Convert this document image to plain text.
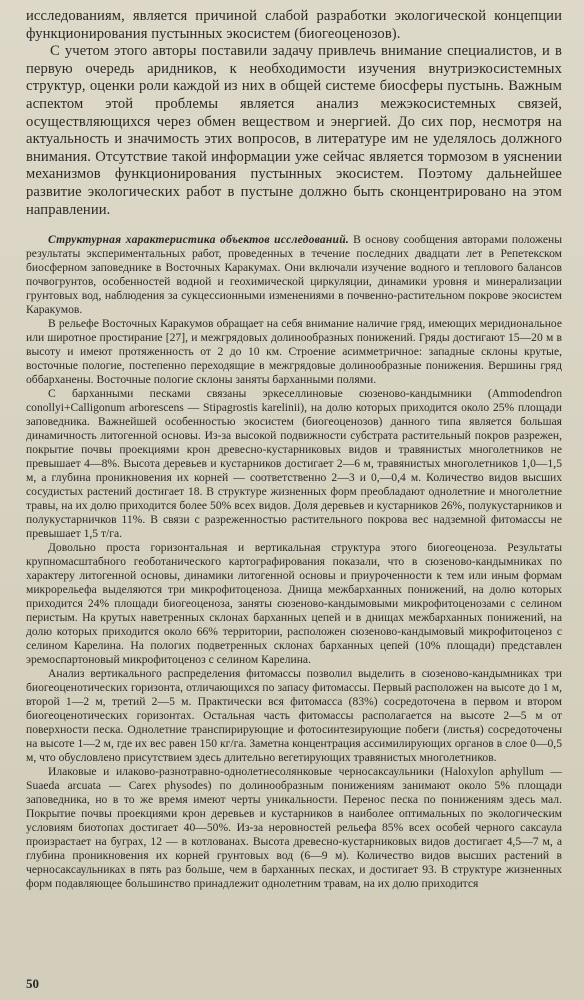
исследованиям, является причиной слабой разработки экологической концепции функционирования пустынных экосистем (биогеоценозов).

С учетом этого авторы поставили задачу привлечь внимание специалистов, и в первую очередь аридников, к необходимости изучения внутриэкосистемных структур, оценки роли каждой из них в общей системе биосферы пустынь. Важным аспектом этой проблемы является анализ межэкосистемных связей, осуществляющихся через обмен веществом и энергией. До сих пор, несмотря на актуальность и значимость этих вопросов, в литературе им не уделялось должного внимания. Отсутствие такой информации уже сейчас является тормозом в уяснении механизмов функционирования пустынных экосистем. Поэтому дальнейшее развитие экологических работ в пустыне должно быть сконцентрировано на этом направлении.

Структурная характеристика объектов исследований. В основу сообщения авторами положены результаты экспериментальных работ, проведенных в течение последних двадцати лет в Репетекском биосферном заповеднике в Восточных Каракумах. Они включали изучение водного и теплового балансов почвогрунтов, особенностей водной и геохимической циркуляции, динамики уровня и минерализации грунтовых вод, наблюдения за сукцессионными изменениями в почвенно-растительном покрове экосистем Каракумов.

В рельефе Восточных Каракумов обращает на себя внимание наличие гряд, имеющих меридиональное или широтное простирание [27], и межгрядовых долинообразных понижений. Гряды достигают 15—20 м в высоту и имеют протяженность от 2 до 10 км. Строение асимметричное: западные склоны крутые, восточные пологие, постепенно переходящие в межгрядовые долинообразные понижения. Вершины гряд оббарханены. Восточные пологие склоны заняты барханными полями.

С барханными песками связаны эркеселлиновые сюзеново-кандымники (Ammodendron conollyi+Calligonum arborescens — Stipagrostis karelinii), на долю которых приходится около 25% площади заповедника. Важнейшей особенностью экосистем (биогеоценозов) данного типа является большая динамичность литогенной основы. Из-за высокой подвижности субстрата растительный покров разрежен, покрытие почвы проекциями крон древесно-кустарниковых видов и травянистых многолетников не превышает 4—8%. Высота деревьев и кустарников достигает 2—6 м, травянистых многолетников 1,0—1,5 м, а глубина проникновения их корней — соответственно 2—3 и 0,—0,4 м. Количество видов высших сосудистых растений достигает 18. В структуре жизненных форм преобладают однолетние и многолетние травы, на их долю приходится более 50% всех видов. Доля деревьев и кустарников 26%, полукустарников и полукустарничков 11%. В связи с разреженностью растительного покрова вес надземной фитомассы не превышает 1,5 т/га.

Довольно проста горизонтальная и вертикальная структура этого биогеоценоза. Результаты крупномасштабного геоботанического картографирования показали, что в сюзеново-кандымниках по характеру литогенной основы, динамики литогенной основы и приуроченности к тем или иным формам микрорельефа выделяются три микрофитоценоза. Днища межбарханных понижений, на долю которых приходится 24% площади биогеоценоза, заняты сюзеново-кандымовыми микрофитоценозами с селином перистым. На крутых наветренных склонах барханных цепей и в днищах межбарханных понижений, на долю которых приходится около 66% территории, расположен сюзеново-кандымовый микрофитоценоз с селином Карелина. На пологих подветренных склонах барханных цепей (10% площади) представлен эремоспартоновый микрофитоценоз с селином Карелина.

Анализ вертикального распределения фитомассы позволил выделить в сюзеново-кандымниках три биогеоценотических горизонта, отличающихся по запасу фитомассы. Первый расположен на высоте до 1 м, второй 1—2 м, третий 2—5 м. Практически вся фитомасса (83%) сосредоточена в первом и втором биогеоценотических горизонтах. Остальная часть фитомассы располагается на высоте 2—5 м от поверхности песка. Однолетние транспирирующие и фотосинтезирующие побеги (листья) сосредоточены на высоте 1—2 м, где их вес равен 150 кг/га. Заметна концентрация ассимилирующих органов в слое 0—0,5 м, что обусловлено присутствием здесь длительно вегетирующих травянистых многолетников.

Илаковые и илаково-разнотравно-однолетнесолянковые черносаксаульники (Haloxylon aphyllum — Suaeda arcuata — Carex physodes) по долинообразным понижениям занимают около 5% площади заповедника, но в то же время имеют черты уникальности. Перенос песка по понижениям здесь мал. Покрытие почвы проекциями крон деревьев и кустарников в наиболее оптимальных по экологическим условиям биотопах достигает 40—50%. Из-за неровностей рельефа 85% всех особей черного саксаула произрастает на буграх, 12 — в котлованах. Высота древесно-кустарниковых видов достигает 4,5—7 м, а глубина проникновения их корней грунтовых вод (6—9 м). Количество видов высших растений в черносаксаульниках в пять раз больше, чем в барханных песках, и достигает 93. В структуре жизненных форм подавляющее большинство принадлежит однолетним травам, на их долю приходится

50
